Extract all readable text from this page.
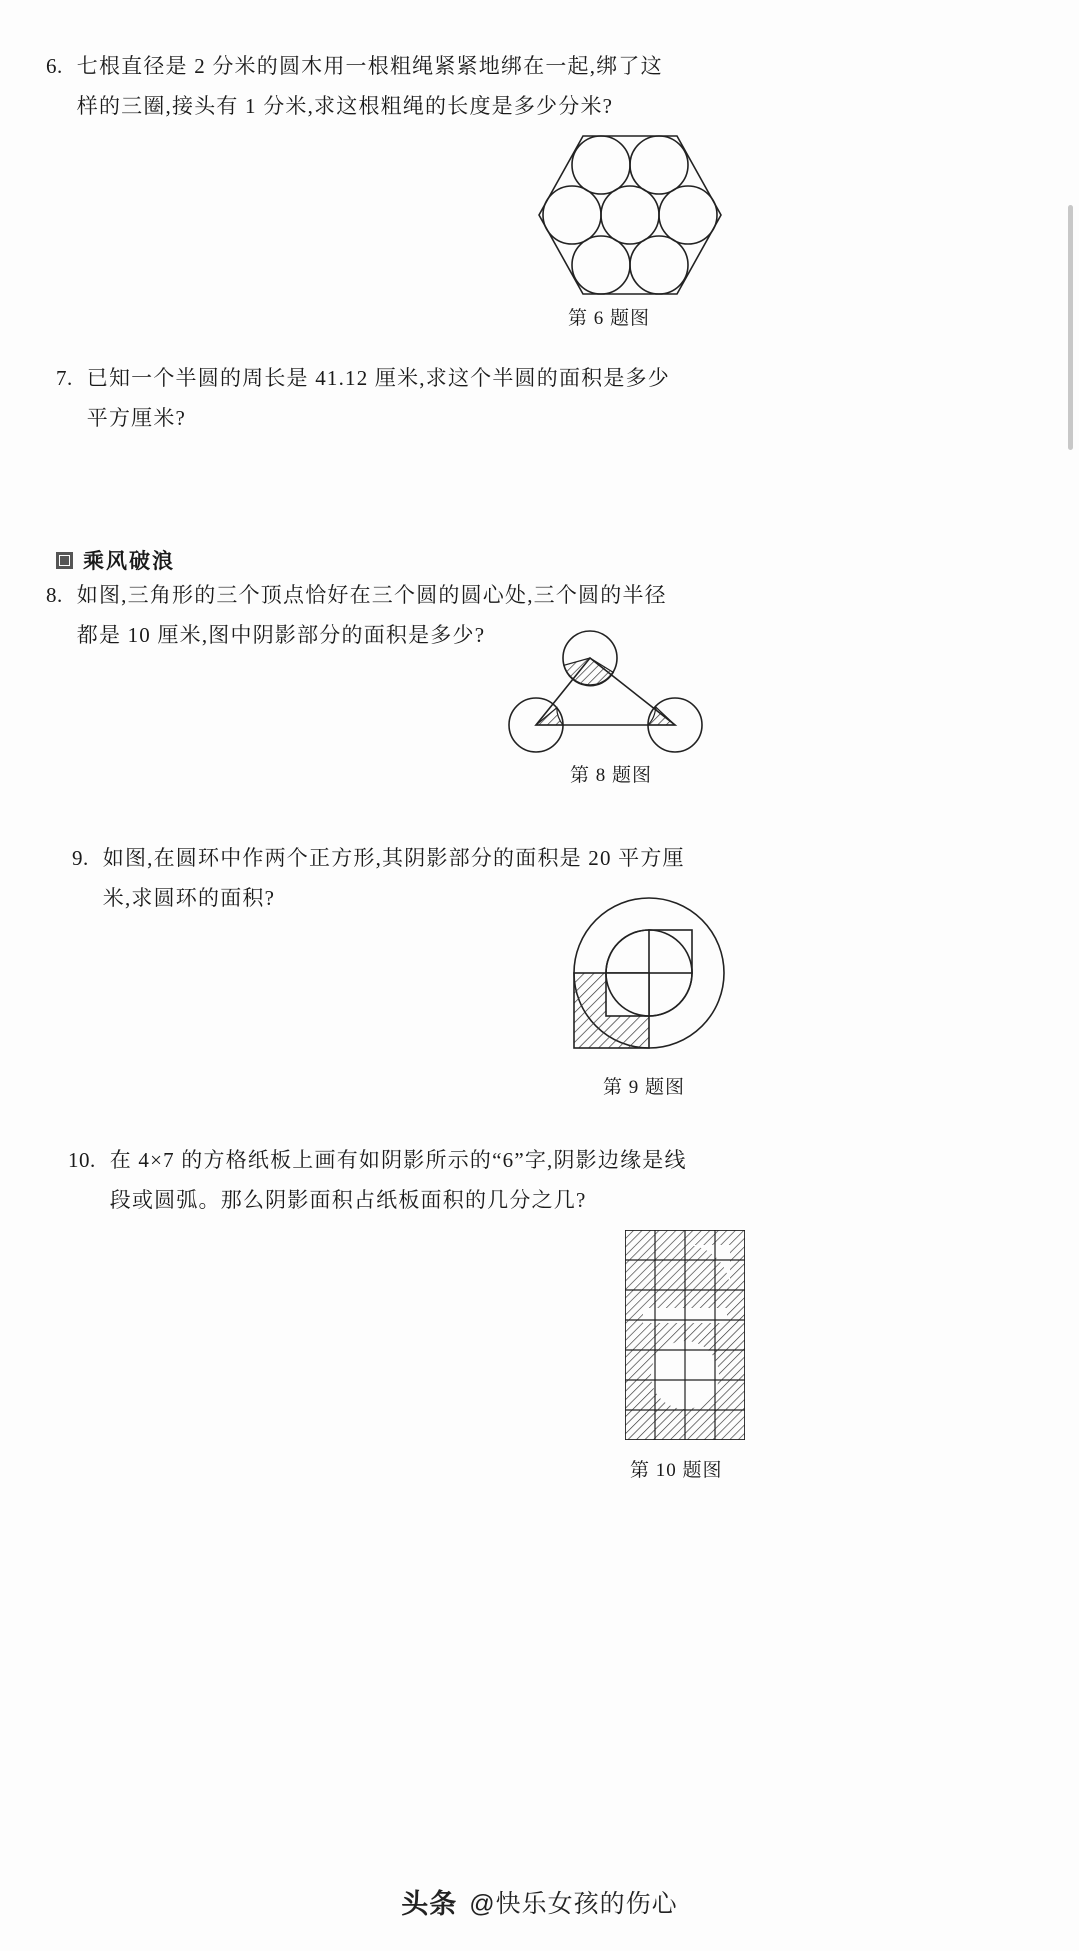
6. 七根直径是 2 分米的圆木用一根粗绳紧紧地绑在一起,绑了这
样的三圈,接头有 1 分米,求这根粗绳的长度是多少分米?
第 6 题图
7. 已知一个半圆的周长是 41.12 厘米,求这个半圆的面积是多少
平方厘米?
乘风破浪
8. 如图,三角形的三个顶点恰好在三个圆的圆心处,三个圆的半径
都是 10 厘米,图中阴影部分的面积是多少?
第 8 题图
9. 如图,在圆环中作两个正方形,其阴影部分的面积是 20 平方厘
米,求圆环的面积?
第 9 题图
10. 在 4×7 的方格纸板上画有如阴影所示的“6”字,阴影边缘是线
段或圆弧。那么阴影面积占纸板面积的几分之几?
第 10 题图
头条 @快乐女孩的伤心
